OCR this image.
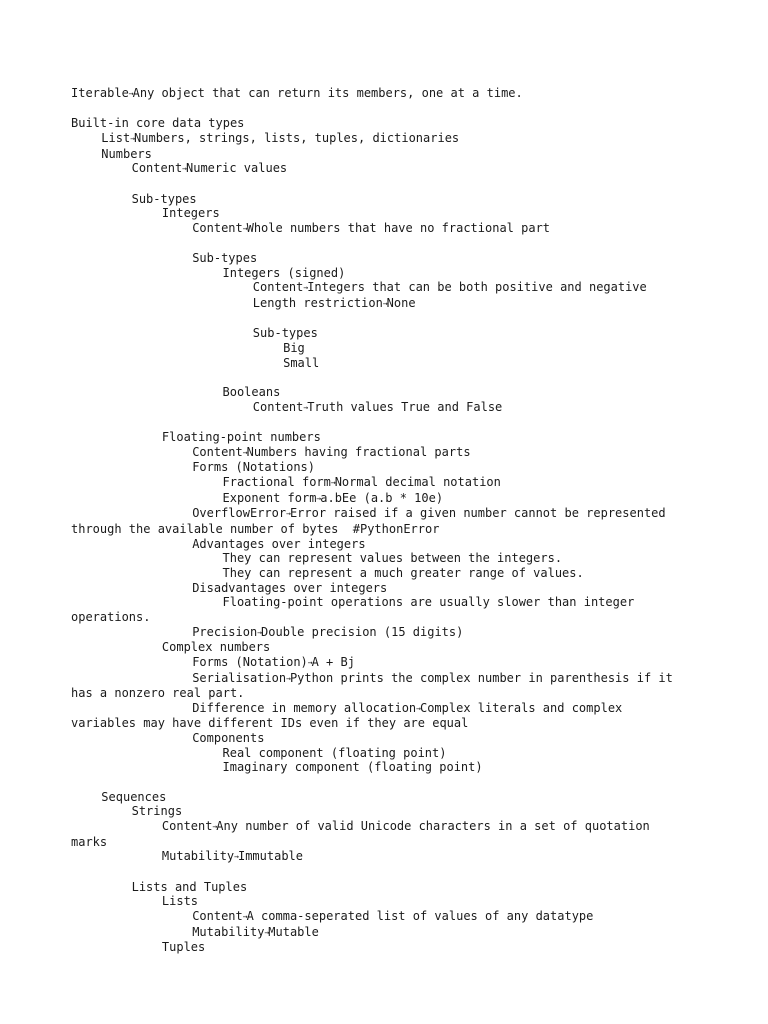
Iterable→Any object that can return its members, one at a time.
Built-in core data types
List→Numbers, strings, lists, tuples, dictionaries
Numbers
Content→Numeric values
Sub-types
Integers
Content→Whole numbers that have no fractional part
Sub-types
Integers (signed)
Content→Integers that can be both positive and negative
Length restriction→None
Sub-types
Big
Small
Booleans
Content→Truth values True and False
Floating-point numbers
Content→Numbers having fractional parts
Forms (Notations)
Fractional form→Normal decimal notation
Exponent form→a.bEe (a.b * 10e)
OverflowError→Error raised if a given number cannot be represented
through the available number of bytes  #PythonError
Advantages over integers
They can represent values between the integers.
They can represent a much greater range of values.
Disadvantages over integers
Floating-point operations are usually slower than integer
operations.
Precision→Double precision (15 digits)
Complex numbers
Forms (Notation)→A + Bj
Serialisation→Python prints the complex number in parenthesis if it
has a nonzero real part.
Difference in memory allocation→Complex literals and complex
variables may have different IDs even if they are equal
Components
Real component (floating point)
Imaginary component (floating point)
Sequences
Strings
Content→Any number of valid Unicode characters in a set of quotation
marks
Mutability→Immutable
Lists and Tuples
Lists
Content→A comma-seperated list of values of any datatype
Mutability→Mutable
Tuples
